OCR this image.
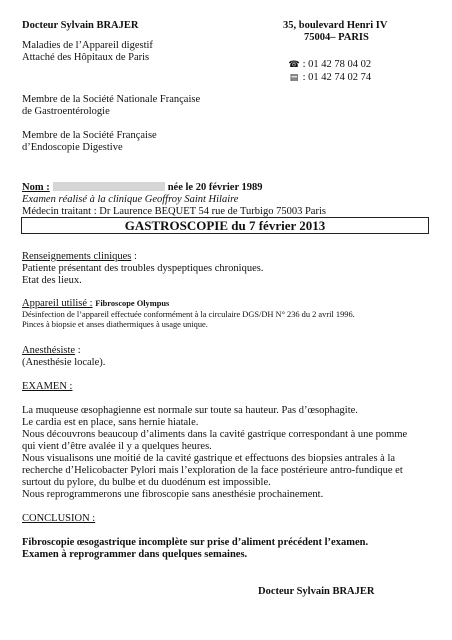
Docteur Sylvain BRAJER
Maladies de l’Appareil digestif
Attaché des Hôpitaux de Paris
Membre de la Société Nationale Française
de Gastroentérologie
Membre de la Société Française
d’Endoscopie Digestive
35, boulevard Henri IV
75004– PARIS
☎ : 01 42 78 04 02
▤ : 01 42 74 02 74
Nom :	née le 20 février 1989
Examen réalisé à la clinique Geoffroy Saint Hilaire
Médecin traitant : Dr Laurence BEQUET 54 rue de Turbigo 75003 Paris
GASTROSCOPIE du 7 février 2013
Renseignements cliniques :
Patiente présentant des troubles dyspeptiques chroniques.
Etat des lieux.
Appareil utilisé : Fibroscope Olympus
Désinfection de l’appareil effectuée conformément à la circulaire DGS/DH N° 236 du 2 avril 1996.
Pinces à biopsie et anses diathermiques à usage unique.
Anesthésiste :
(Anesthésie locale).
EXAMEN :
La muqueuse œsophagienne est normale sur toute sa hauteur. Pas d’œsophagite.
Le cardia est en place, sans hernie hiatale.
Nous découvrons beaucoup d’aliments dans la cavité gastrique correspondant à une pomme
qui vient d’être avalée il y a quelques heures.
Nous visualisons une moitié de la cavité gastrique et effectuons des biopsies antrales à la
recherche d’Helicobacter Pylori mais l’exploration de la face postérieure antro-fundique et
surtout du pylore, du bulbe et du duodénum est impossible.
Nous reprogrammerons une fibroscopie sans anesthésie prochainement.
CONCLUSION :
Fibroscopie œsogastrique incomplète sur prise d’aliment précédent l’examen.
Examen à reprogrammer dans quelques semaines.
Docteur Sylvain BRAJER
